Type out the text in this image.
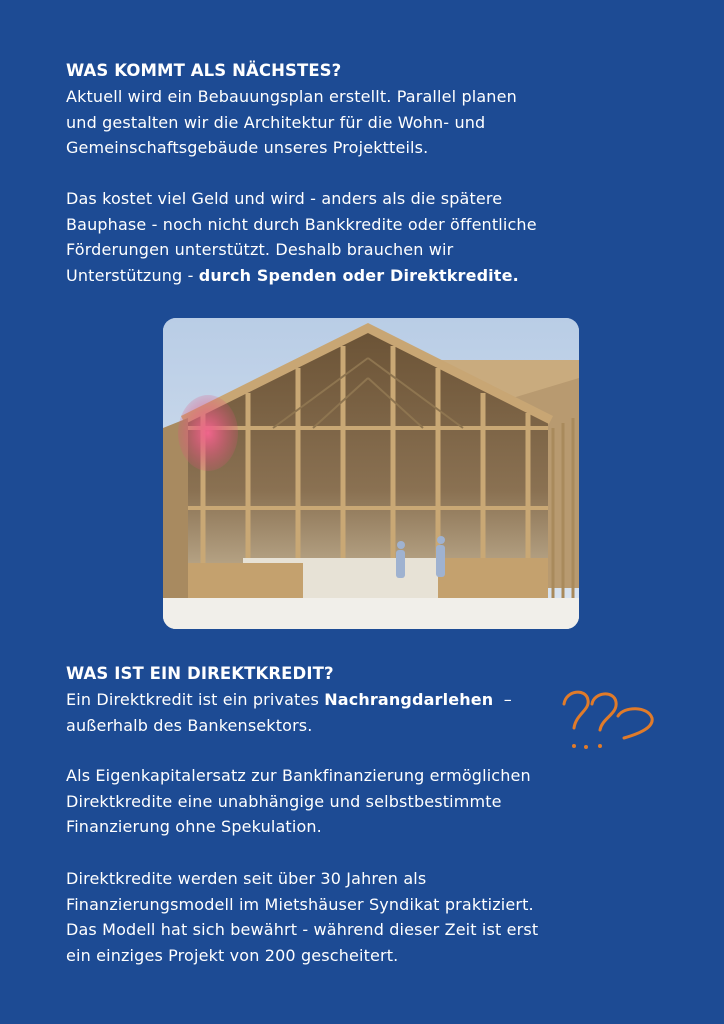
WAS KOMMT ALS NÄCHSTES?

Aktuell wird ein Bebauungsplan erstellt. Parallel planen

und gestalten wir die Architektur für die Wohn- und

Gemeinschaftsgebäude unseres Projektteils.

Das kostet viel Geld und wird - anders als die spätere

Bauphase - noch nicht durch Bankkredite oder öffentliche

Förderungen unterstützt. Deshalb brauchen wir

Unterstützung - durch Spenden oder Direktkredite.

WAS IST EIN DIREKTKREDIT?

Ein Direktkredit ist ein privates Nachrangdarlehen  –

außerhalb des Bankensektors.

Als Eigenkapitalersatz zur Bankfinanzierung ermöglichen

Direktkredite eine unabhängige und selbstbestimmte

Finanzierung ohne Spekulation.

Direktkredite werden seit über 30 Jahren als

Finanzierungsmodell im Mietshäuser Syndikat praktiziert.

Das Modell hat sich bewährt - während dieser Zeit ist erst

ein einziges Projekt von 200 gescheitert.
